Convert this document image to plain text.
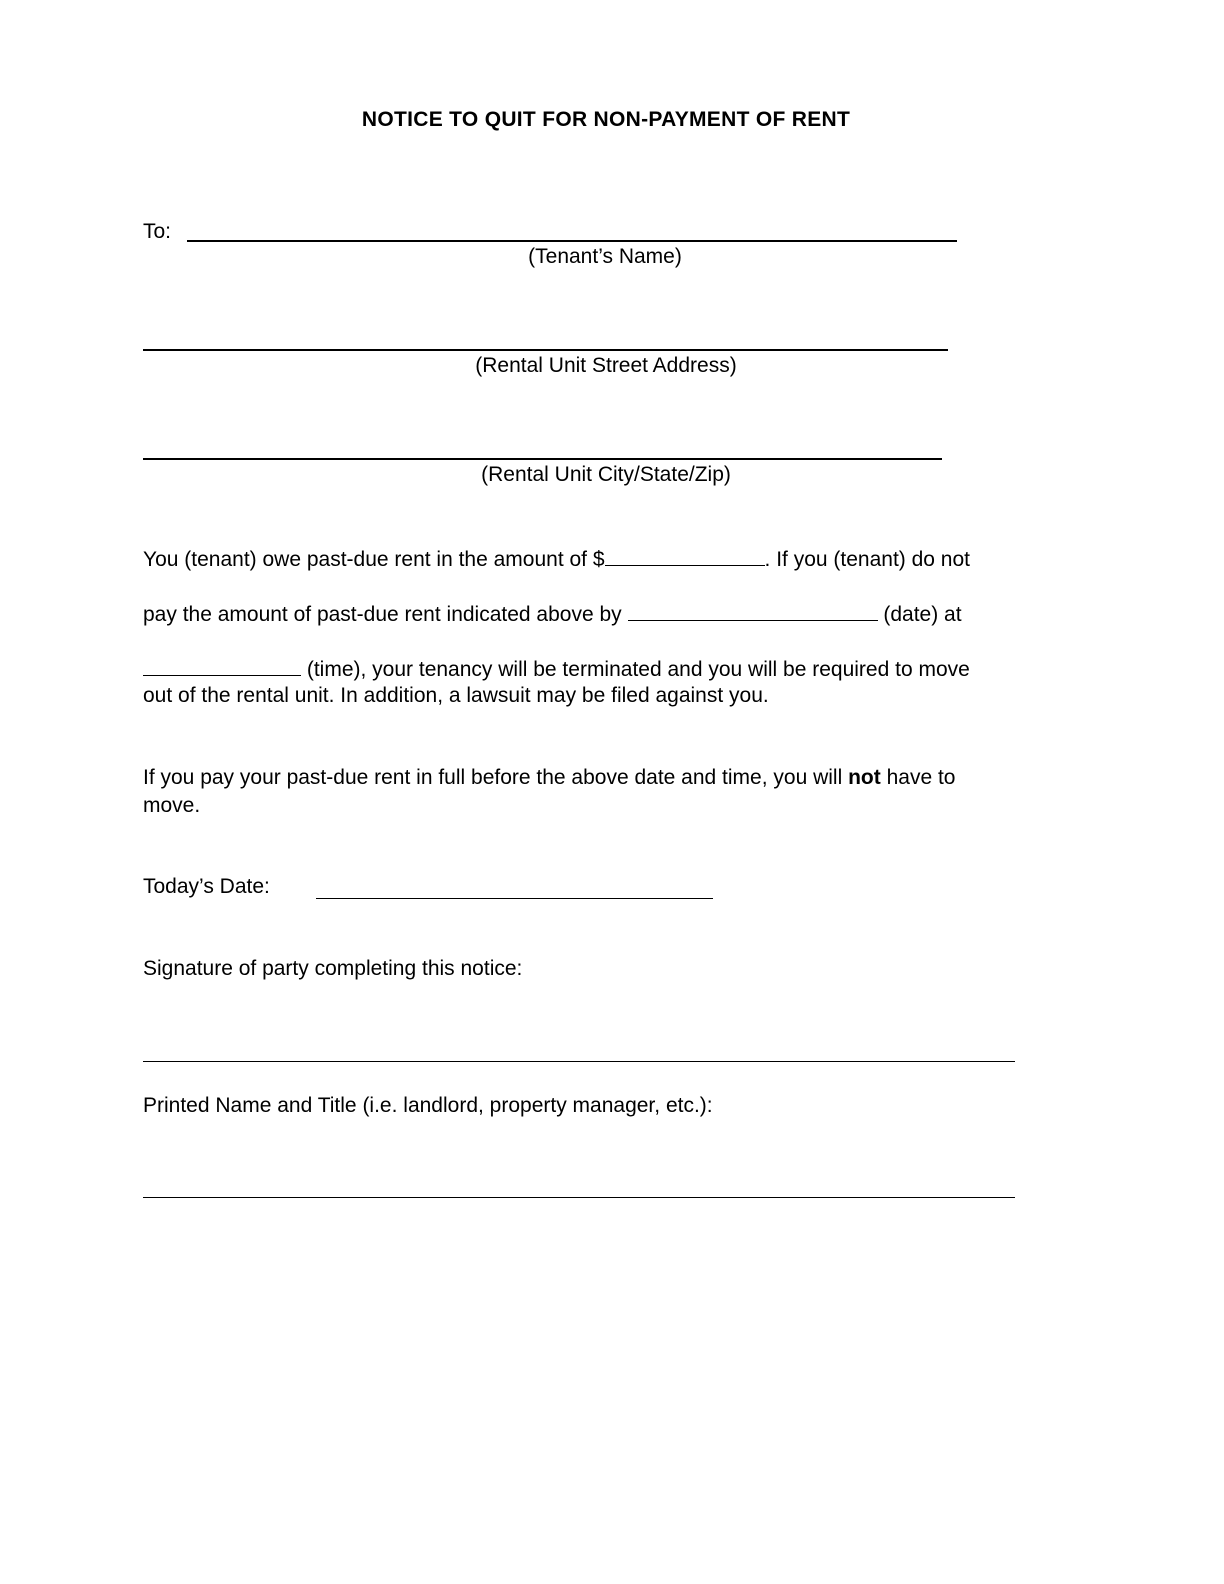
NOTICE TO QUIT FOR NON-PAYMENT OF RENT
To:
(Tenant’s Name)
(Rental Unit Street Address)
(Rental Unit City/State/Zip)
You (tenant) owe past-due rent in the amount of $	. If you (tenant) do not
pay the amount of past-due rent indicated above by	(date) at
(time), your tenancy will be terminated and you will be required to move
out of the rental unit. In addition, a lawsuit may be filed against you.
If you pay your past-due rent in full before the above date and time, you will not have to
move.
Today’s Date:
Signature of party completing this notice:
Printed Name and Title (i.e. landlord, property manager, etc.):
